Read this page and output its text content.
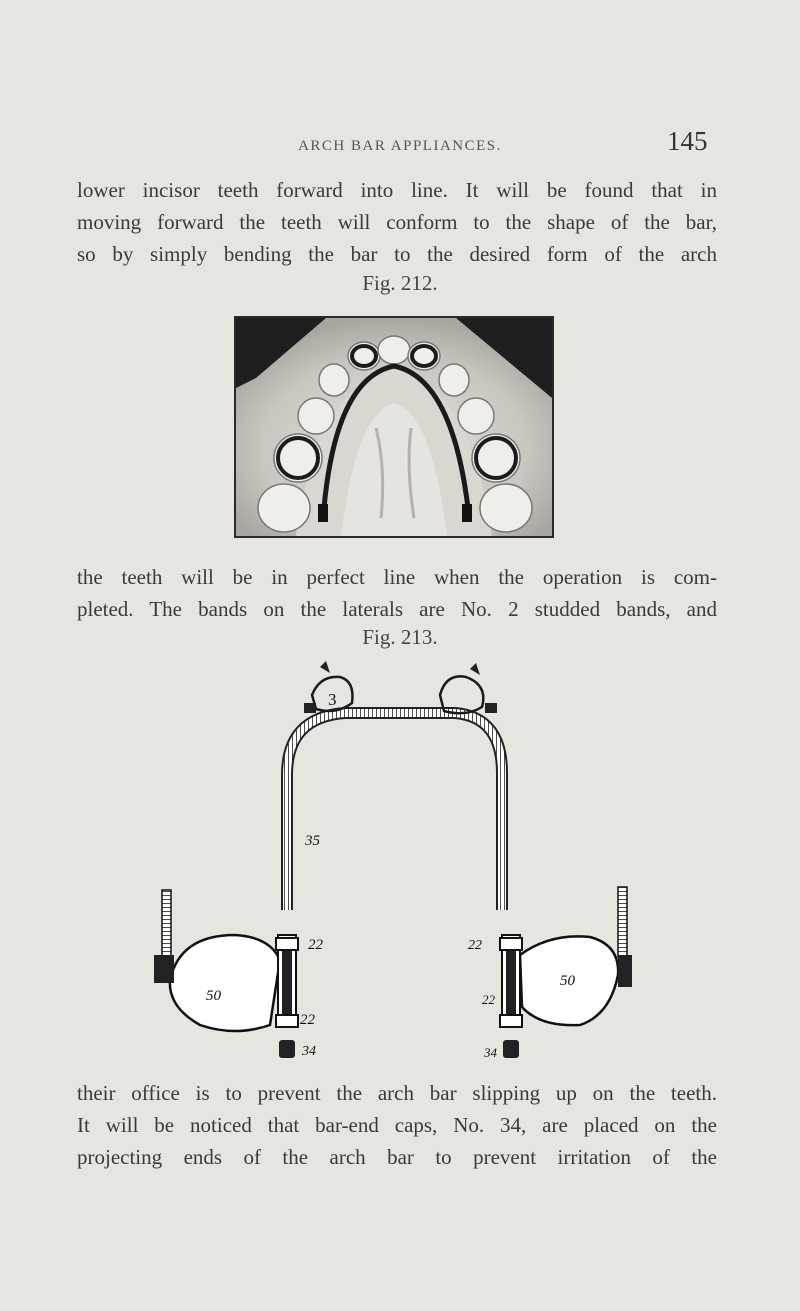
ARCH BAR APPLIANCES.	145

lower incisor teeth forward into line. It will be found that in
moving forward the teeth will conform to the shape of the bar,
so by simply bending the bar to the desired form of the arch

Fig. 212.

the teeth will be in perfect line when the operation is com-
pleted. The bands on the laterals are No. 2 studded bands, and

Fig. 213.
3
50
50
35
22
22
34
22
22
34

their office is to prevent the arch bar slipping up on the teeth.
It will be noticed that bar-end caps, No. 34, are placed on the
projecting ends of the arch bar to prevent irritation of the
